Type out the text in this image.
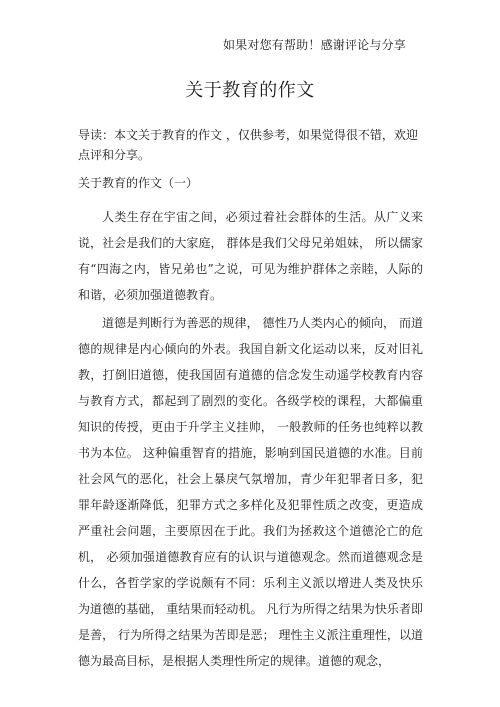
如果对您有帮助！感谢评论与分享
关于教育的作文

导读：本文关于教育的作文 ，仅供参考，如果觉得很不错，欢迎点评和分享。

关于教育的作文（一）

人类生存在宇宙之间，必须过着社会群体的生活。从广义来说，社会是我们的大家庭， 群体是我们父母兄弟姐妹， 所以儒家有“四海之内，皆兄弟也”之说，可见为维护群体之亲睦，人际的和谐，必须加强道德教育。

道德是判断行为善恶的规律， 德性乃人类内心的倾向， 而道德的规律是内心倾向的外表。我国自新文化运动以来，反对旧礼教，打倒旧道德，使我国固有道德的信念发生动遥学校教育内容与教育方式，都起到了剧烈的变化。各级学校的课程，大都偏重知识的传授，更由于升学主义挂帅， 一般教师的任务也纯粹以教书为本位。 这种偏重智育的措施，影响到国民道德的水准。目前社会风气的恶化，社会上暴戾气氛增加，青少年犯罪者日多，犯罪年龄逐渐降低，犯罪方式之多样化及犯罪性质之改变，更造成严重社会问题，主要原因在于此。我们为拯救这个道德沦亡的危机， 必须加强道德教育应有的认识与道德观念。然而道德观念是什么，各哲学家的学说颇有不同：乐利主义派以增进人类及快乐为道德的基础， 重结果而轻动机。 凡行为所得之结果为快乐者即是善， 行为所得之结果为苦即是恶； 理性主义派注重理性，以道德为最高目标，是根据人类理性所定的规律。道德的观念，
